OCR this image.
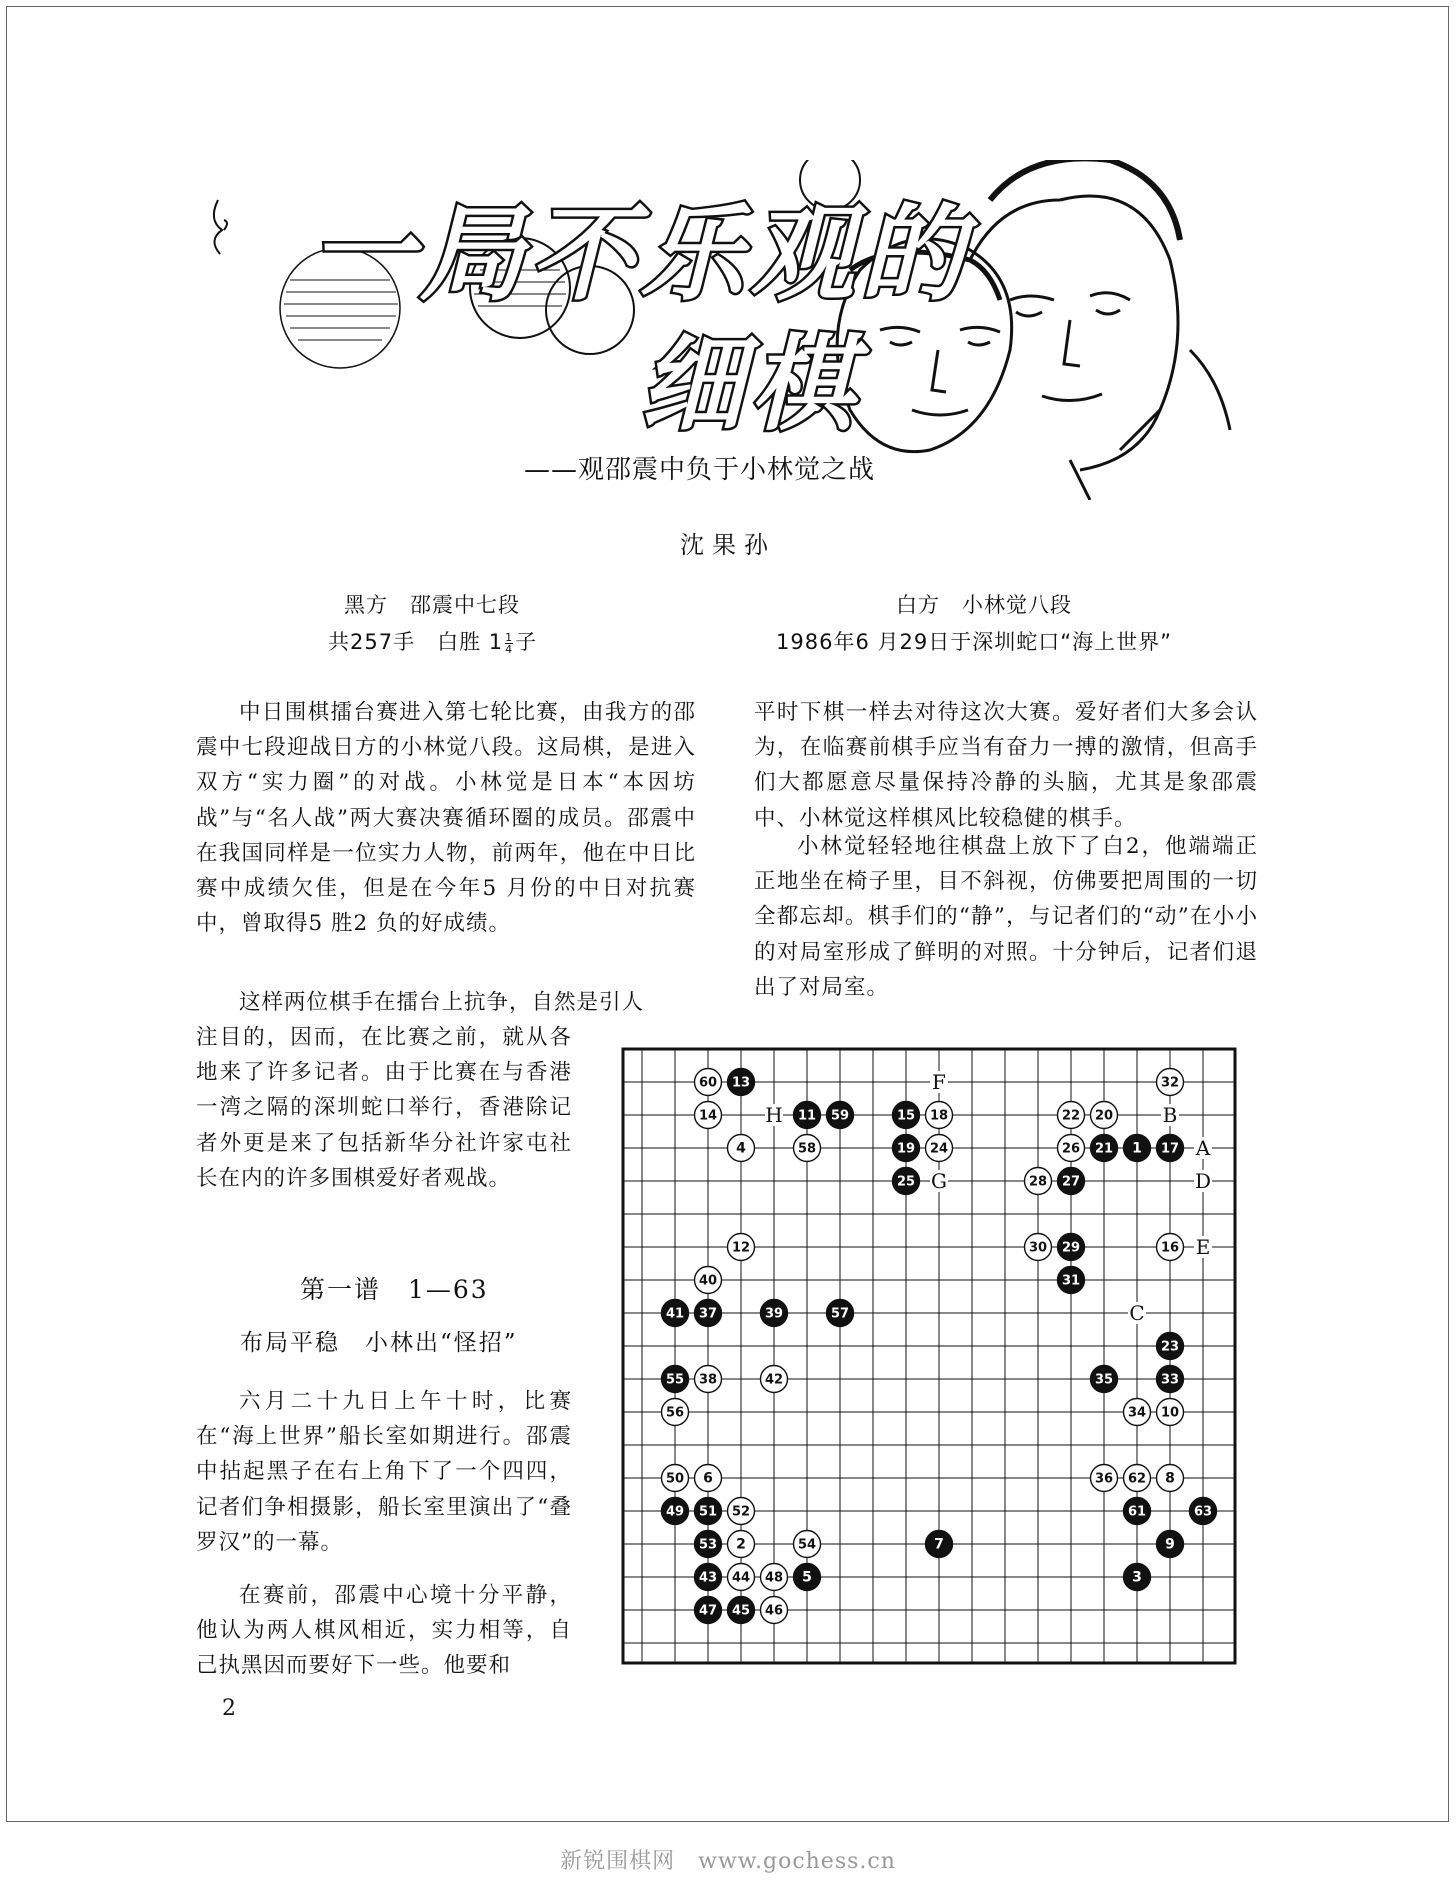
一局不乐观的
细棋
——观邵震中负于小林觉之战
沈果孙
黑方　邵震中七段
共257手　白胜 $1 \frac{1}{4}$ 子
白方　小林觉八段
1986年6 月29日于深圳蛇口“海上世界”

中日围棋擂台赛进入第七轮比赛，由我方的邵震中七段迎战日方的小林觉八段。这局棋，是进入双方“实力圈”的对战。小林觉是日本“本因坊战”与“名人战”两大赛决赛循环圈的成员。邵震中在我国同样是一位实力人物，前两年，他在中日比赛中成绩欠佳，但是在今年5 月份的中日对抗赛中，曾取得5 胜2 负的好成绩。

这样两位棋手在擂台上抗争，自然是引人

注目的，因而，在比赛之前，就从各地来了许多记者。由于比赛在与香港一湾之隔的深圳蛇口举行，香港除记者外更是来了包括新华分社许家屯社长在内的许多围棋爱好者观战。

第一谱　1—63
布局平稳　小林出“怪招”

六月二十九日上午十时，比赛在“海上世界”船长室如期进行。邵震中拈起黑子在右上角下了一个四四，记者们争相摄影，船长室里演出了“叠罗汉”的一幕。

在赛前，邵震中心境十分平静，他认为两人棋风相近，实力相等，自己执黑因而要好下一些。他要和

平时下棋一样去对待这次大赛。爱好者们大多会认为，在临赛前棋手应当有奋力一搏的激情，但高手们大都愿意尽量保持冷静的头脑，尤其是象邵震中、小林觉这样棋风比较稳健的棋手。

小林觉轻轻地往棋盘上放下了白2，他端端正正地坐在椅子里，目不斜视，仿佛要把周围的一切全都忘却。棋手们的“静”，与记者们的“动”在小小的对局室形成了鲜明的对照。十分钟后，记者们退出了对局室。

F
H	B
A
G	D
E
C
60 13	32
14	11 59	15 18	22 20
4	58	19 24	26 21 1 17
25	28 27
12	30 29	16
40	31
41 37	39	57
23
55 38	42	35	33
56	34 10
50 6	36 62 8
49 51 52	61	63
53 2	54	7	9
43 44 48 5	3
47 45 46
2
新锐围棋网　www.gochess.cn
